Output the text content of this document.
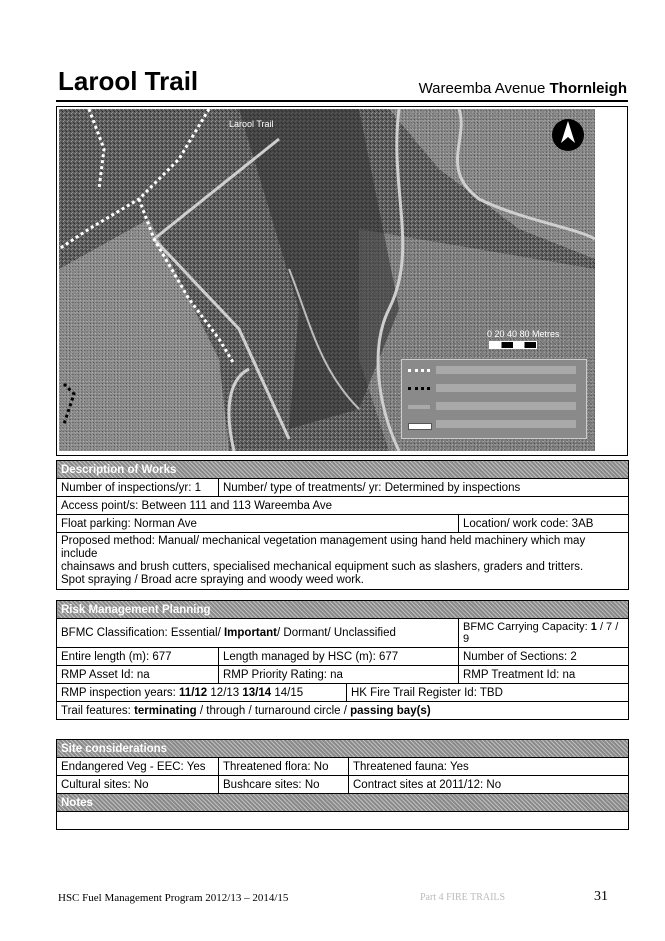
Larool Trail	Wareemba Avenue Thornleigh
Larool Trail
0 20 40 80 Metres
Description of Works		
Number of inspections/yr: 1	Number/ type of treatments/ yr: Determined by inspections	
Access point/s: Between 111 and 113 Wareemba Ave		
Float parking: Norman Ave		Location/ work code: 3AB

Proposed method: Manual/ mechanical vegetation management using hand held machinery which may include
chainsaws and brush cutters, specialised mechanical equipment such as slashers, graders and tritters.
Spot spraying / Broad acre spraying and woody weed work.		
Risk Management Planning			
BFMC Classification: Essential/ Important/ Dormant/ Unclassified			BFMC Carrying Capacity: 1 / 7 / 9
Entire length (m): 677	Length managed by HSC (m): 677		Number of Sections: 2
RMP Asset Id: na	RMP Priority Rating: na		RMP Treatment Id: na
RMP inspection years: 11/12 12/13 13/14 14/15		HK Fire Trail Register Id: TBD	
Trail features: terminating / through / turnaround circle / passing bay(s)			
Site considerations		
Endangered Veg - EEC: Yes	Threatened flora: No	Threatened fauna: Yes
Cultural sites: No	Bushcare sites: No	Contract sites at 2011/12: No
Notes		

HSC Fuel Management Program 2012/13 – 2014/15	Part 4 FIRE TRAILS	31
